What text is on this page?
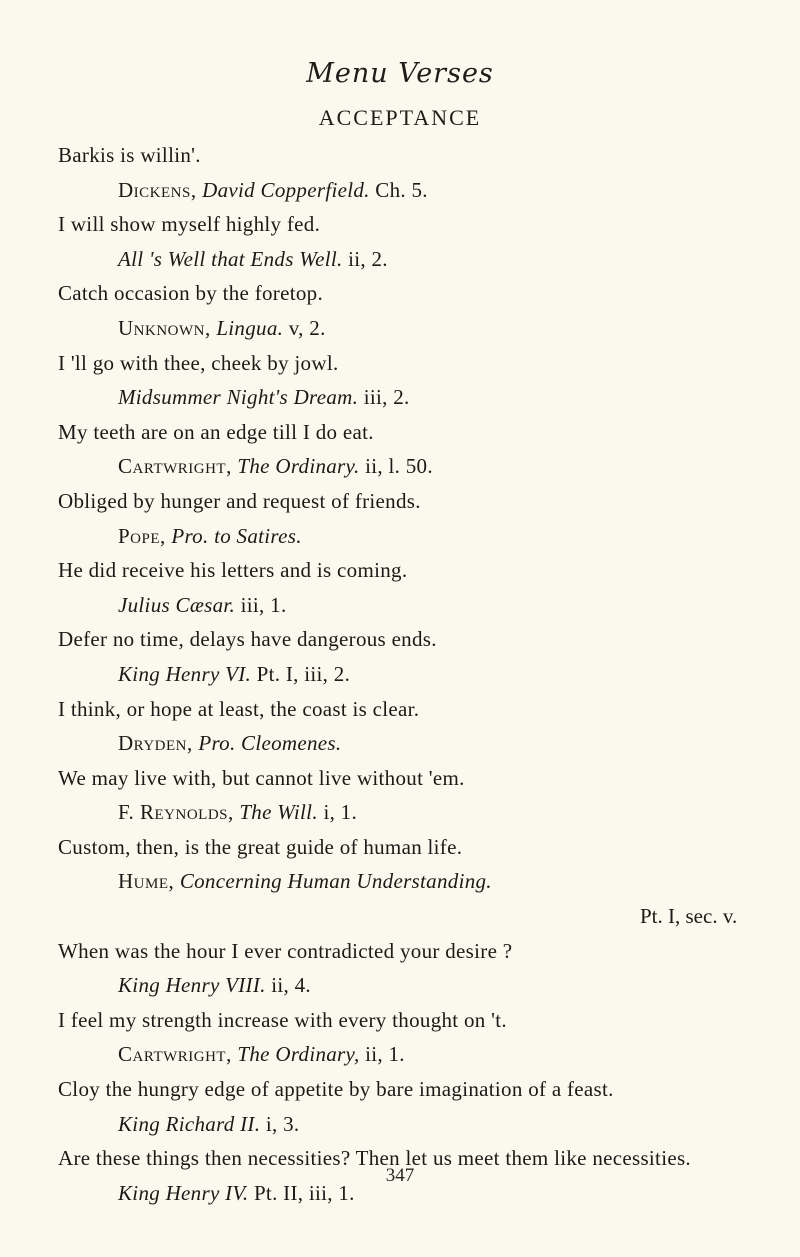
Menu Verses
ACCEPTANCE
Barkis is willin'.
Dickens, David Copperfield. Ch. 5.
I will show myself highly fed.
All 's Well that Ends Well. ii, 2.
Catch occasion by the foretop.
Unknown, Lingua. v, 2.
I 'll go with thee, cheek by jowl.
Midsummer Night's Dream. iii, 2.
My teeth are on an edge till I do eat.
Cartwright, The Ordinary. ii, l. 50.
Obliged by hunger and request of friends.
Pope, Pro. to Satires.
He did receive his letters and is coming.
Julius Cæsar. iii, 1.
Defer no time, delays have dangerous ends.
King Henry VI. Pt. I, iii, 2.
I think, or hope at least, the coast is clear.
Dryden, Pro. Cleomenes.
We may live with, but cannot live without 'em.
F. Reynolds, The Will. i, 1.
Custom, then, is the great guide of human life.
Hume, Concerning Human Understanding.
Pt. I, sec. v.
When was the hour I ever contradicted your desire ?
King Henry VIII. ii, 4.
I feel my strength increase with every thought on 't.
Cartwright, The Ordinary, ii, 1.
Cloy the hungry edge of appetite by bare imagination of a feast.
King Richard II. i, 3.
Are these things then necessities? Then let us meet them like necessities.
King Henry IV. Pt. II, iii, 1.
347
